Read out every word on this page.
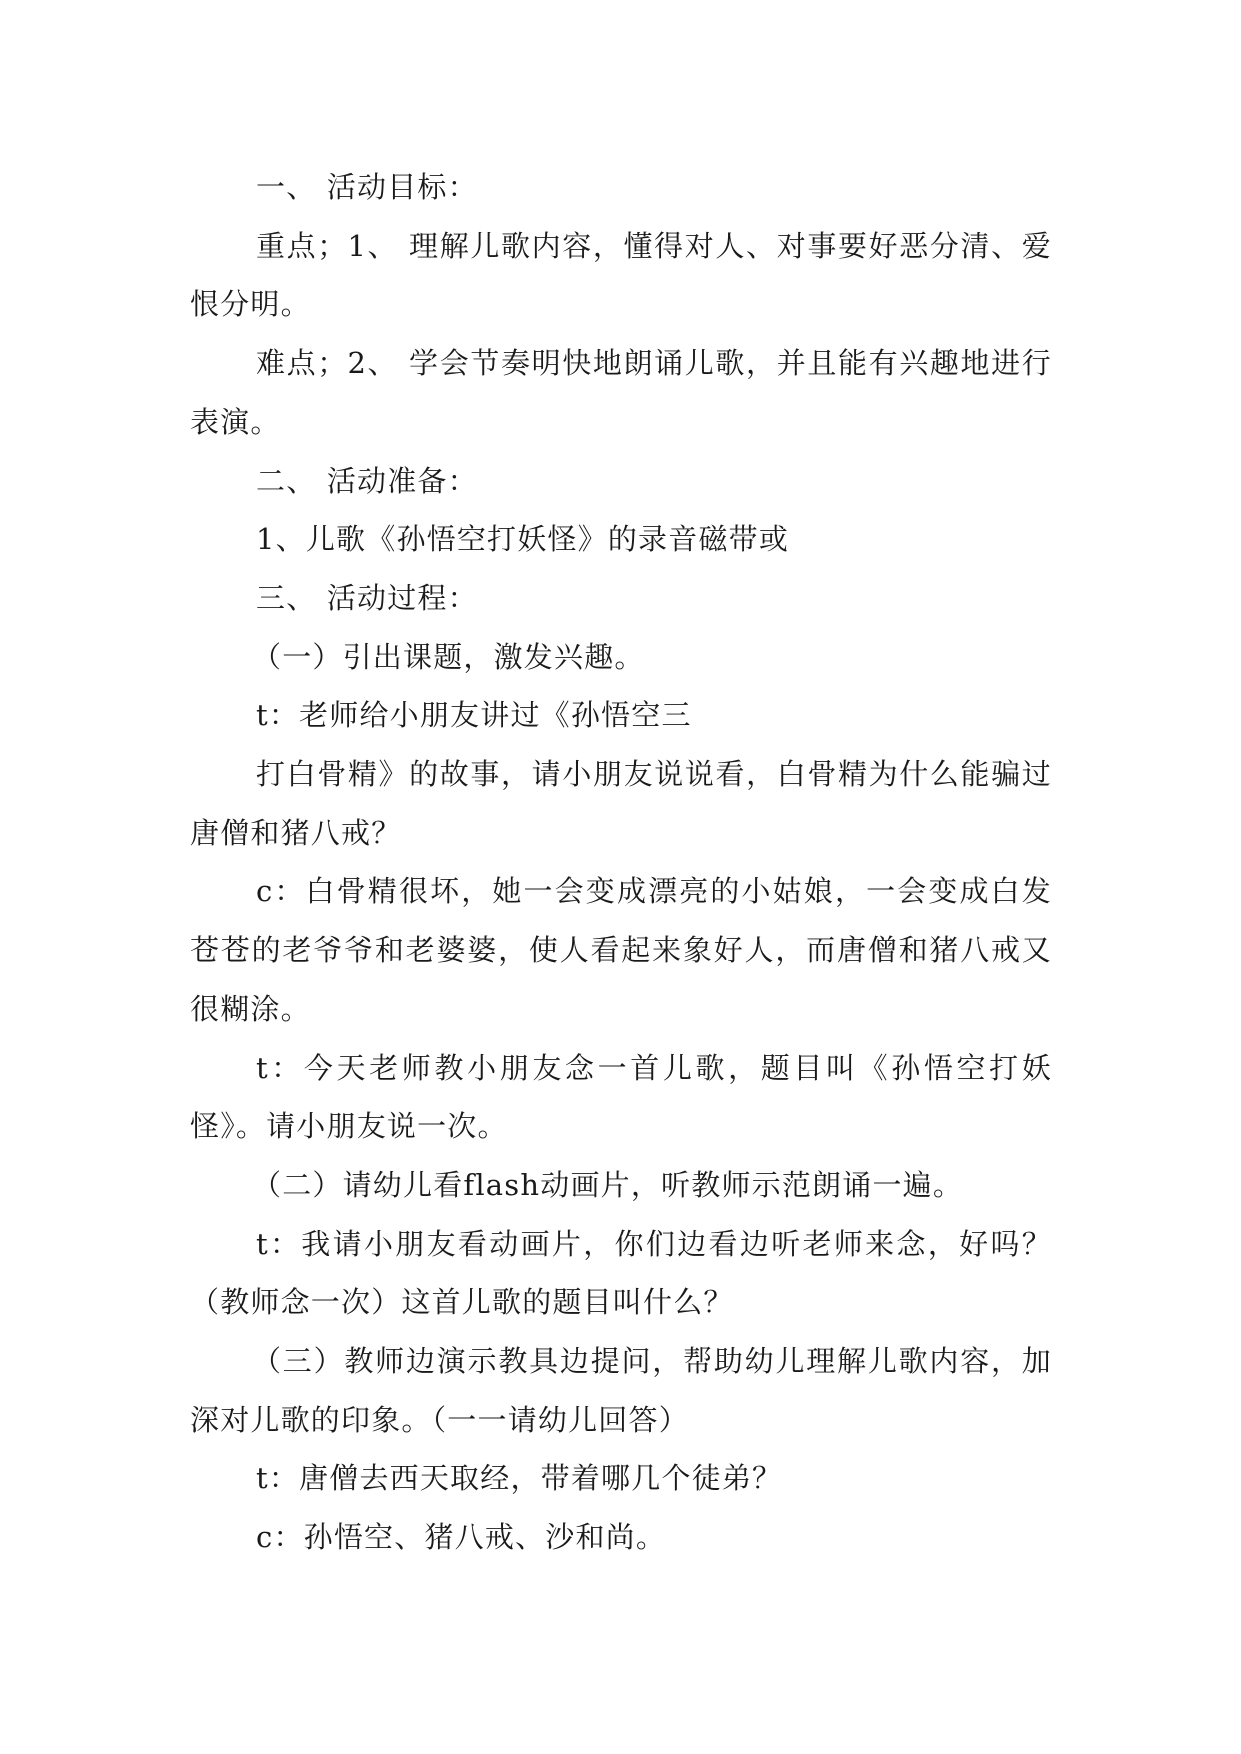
一、 活动目标：

重点；1、 理解儿歌内容，懂得对人、对事要好恶分清、爱恨分明。

难点；2、 学会节奏明快地朗诵儿歌，并且能有兴趣地进行表演。

二、 活动准备：

1、儿歌《孙悟空打妖怪》的录音磁带或

三、 活动过程：

（一）引出课题，激发兴趣。

t：老师给小朋友讲过《孙悟空三

打白骨精》的故事，请小朋友说说看，白骨精为什么能骗过唐僧和猪八戒？

c：白骨精很坏，她一会变成漂亮的小姑娘，一会变成白发苍苍的老爷爷和老婆婆，使人看起来象好人，而唐僧和猪八戒又很糊涂。

t：今天老师教小朋友念一首儿歌，题目叫《孙悟空打妖怪》。请小朋友说一次。

（二）请幼儿看flash动画片，听教师示范朗诵一遍。

t：我请小朋友看动画片，你们边看边听老师来念，好吗？（教师念一次）这首儿歌的题目叫什么？

（三）教师边演示教具边提问，帮助幼儿理解儿歌内容，加深对儿歌的印象。（一一请幼儿回答）

t：唐僧去西天取经，带着哪几个徒弟？

c：孙悟空、猪八戒、沙和尚。
